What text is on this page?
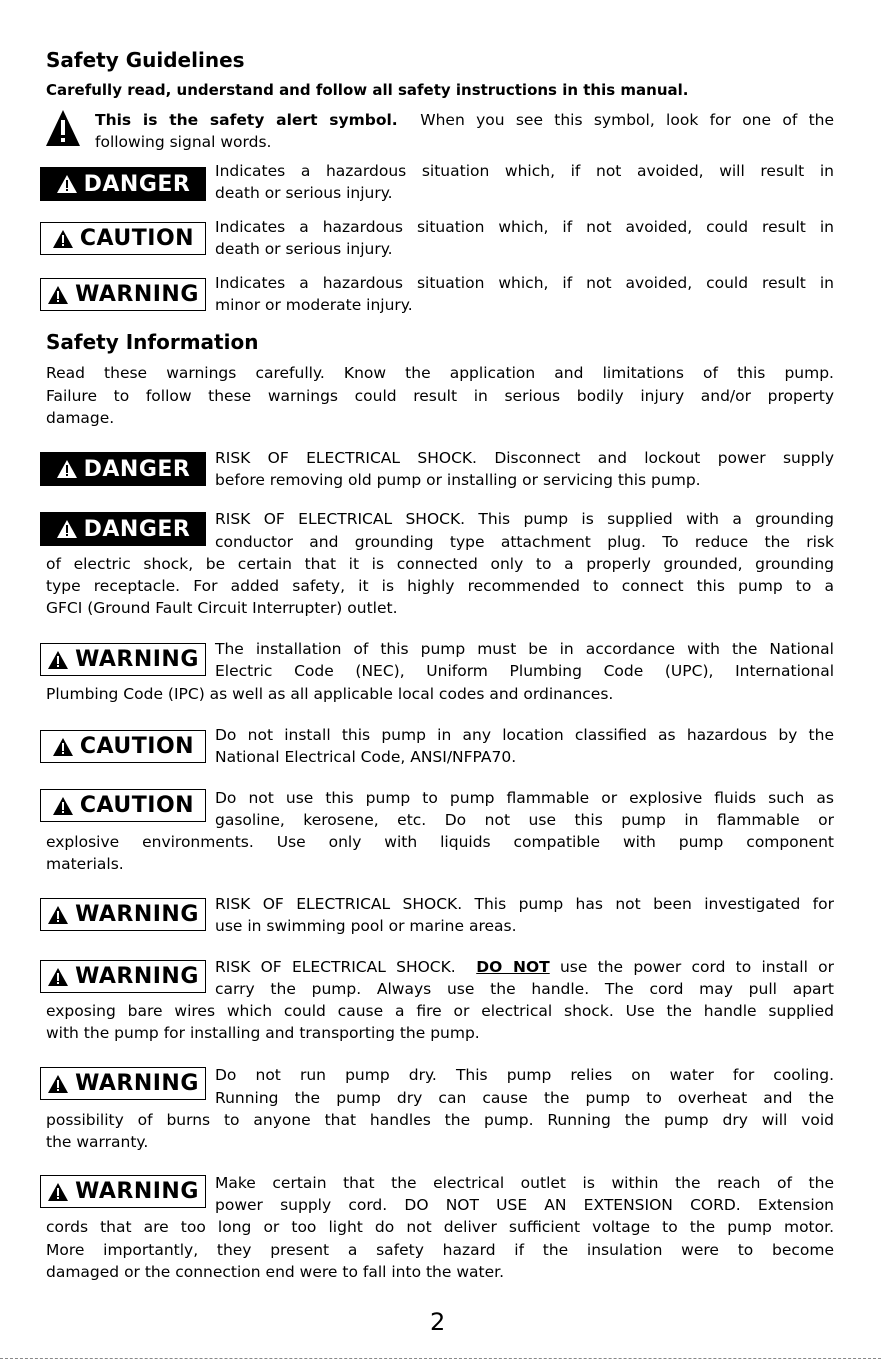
Safety Guidelines
Carefully read, understand and follow all safety instructions in this manual.
This is the safety alert symbol. When you see this symbol, look for one of the
following signal words.
DANGER
Indicates a hazardous situation which, if not avoided, will result in
death or serious injury.
CAUTION Indicates a hazardous situation which, if not avoided, could result in
death or serious injury.
WARNING Indicates a hazardous situation which, if not avoided, could result in
minor or moderate injury.
Safety Information
Read these warnings carefully. Know the application and limitations of this pump.
Failure to follow these warnings could result in serious bodily injury and/or property
damage.
DANGER RISK OF ELECTRICAL SHOCK. Disconnect and lockout power supply
before removing old pump or installing or servicing this pump.
DANGER RISK OF ELECTRICAL SHOCK. This pump is supplied with a grounding
conductor and grounding type attachment plug. To reduce the risk
of electric shock, be certain that it is connected only to a properly grounded, grounding
type receptacle. For added safety, it is highly recommended to connect this pump to a
GFCI (Ground Fault Circuit Interrupter) outlet.
WARNING The installation of this pump must be in accordance with the National
Electric Code (NEC), Uniform Plumbing Code (UPC), International
Plumbing Code (IPC) as well as all applicable local codes and ordinances.
CAUTION Do not install this pump in any location classified as hazardous by the
National Electrical Code, ANSI/NFPA70.
CAUTION Do not use this pump to pump flammable or explosive fluids such as
gasoline, kerosene, etc. Do not use this pump in flammable or
explosive environments. Use only with liquids compatible with pump component
materials.
WARNING RISK OF ELECTRICAL SHOCK. This pump has not been investigated for
use in swimming pool or marine areas.
WARNING RISK OF ELECTRICAL SHOCK. DO NOT use the power cord to install or
carry the pump. Always use the handle. The cord may pull apart
exposing bare wires which could cause a fire or electrical shock. Use the handle supplied
with the pump for installing and transporting the pump.
WARNING Do not run pump dry. This pump relies on water for cooling.
Running the pump dry can cause the pump to overheat and the
possibility of burns to anyone that handles the pump. Running the pump dry will void
the warranty.
WARNING Make certain that the electrical outlet is within the reach of the
power supply cord. DO NOT USE AN EXTENSION CORD. Extension
cords that are too long or too light do not deliver sufficient voltage to the pump motor.
More importantly, they present a safety hazard if the insulation were to become
damaged or the connection end were to fall into the water.
2
